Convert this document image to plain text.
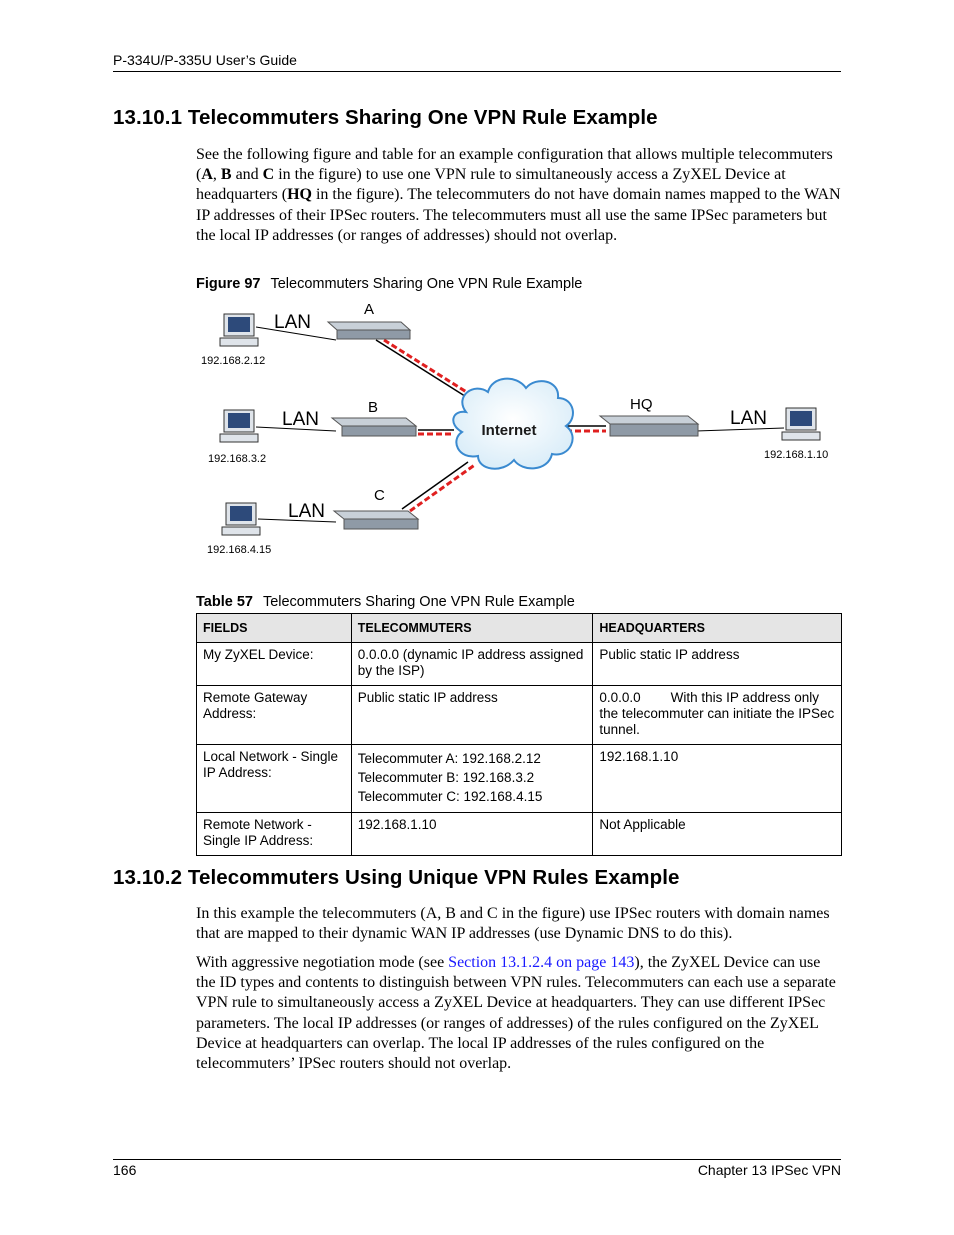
P-334U/P-335U User’s Guide
13.10.1 Telecommuters Sharing One VPN Rule Example
See the following figure and table for an example configuration that allows multiple telecommuters (A, B and C in the figure) to use one VPN rule to simultaneously access a ZyXEL Device at headquarters (HQ in the figure). The telecommuters do not have domain names mapped to the WAN IP addresses of their IPSec routers. The telecommuters must all use the same IPSec parameters but the local IP addresses (or ranges of addresses) should not overlap.
Figure 97 Telecommuters Sharing One VPN Rule Example
Internet
LAN
LAN
LAN
LAN
A
B
C
HQ
192.168.2.12
192.168.3.2
192.168.4.15
192.168.1.10
Table 57 Telecommuters Sharing One VPN Rule Example
FIELDS	TELECOMMUTERS	HEADQUARTERS
My ZyXEL Device:	0.0.0.0 (dynamic IP address assigned by the ISP)	Public static IP address
Remote Gateway Address:	Public static IP address	0.0.0.0        With this IP address only the telecommuter can initiate the IPSec tunnel.
Local Network - Single IP Address:	Telecommuter A: 192.168.2.12
Telecommuter B: 192.168.3.2
Telecommuter C: 192.168.4.15	192.168.1.10
Remote Network - Single IP Address:	192.168.1.10	Not Applicable
13.10.2 Telecommuters Using Unique VPN Rules Example
In this example the telecommuters (A, B and C in the figure) use IPSec routers with domain names that are mapped to their dynamic WAN IP addresses (use Dynamic DNS to do this).
With aggressive negotiation mode (see Section 13.1.2.4 on page 143), the ZyXEL Device can use the ID types and contents to distinguish between VPN rules. Telecommuters can each use a separate VPN rule to simultaneously access a ZyXEL Device at headquarters. They can use different IPSec parameters. The local IP addresses (or ranges of addresses) of the rules configured on the ZyXEL Device at headquarters can overlap. The local IP addresses of the rules configured on the telecommuters’ IPSec routers should not overlap.
166	Chapter 13 IPSec VPN
